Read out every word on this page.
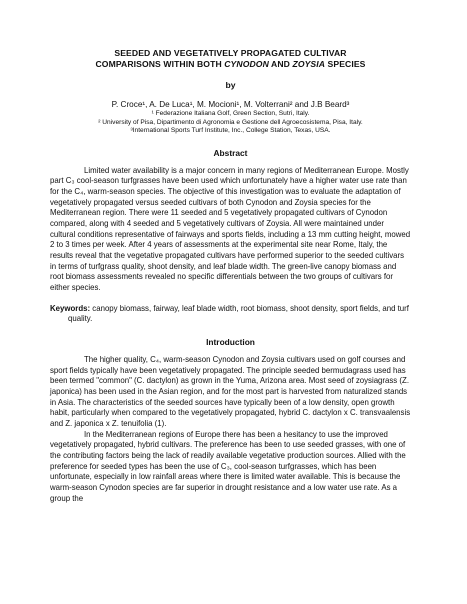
SEEDED AND VEGETATIVELY PROPAGATED CULTIVAR
COMPARISONS WITHIN BOTH CYNODON AND ZOYSIA SPECIES
by
P. Croce¹, A. De Luca¹, M. Mocioni¹, M. Volterrani² and J.B Beard³
¹ Federazione Italiana Golf, Green Section, Sutri, Italy.
² University of Pisa, Dipartimento di Agronomia e Gestione dell Agroecosistema, Pisa, Italy.
³International Sports Turf Institute, Inc., College Station, Texas, USA.
Abstract

Limited water availability is a major concern in many regions of Mediterranean Europe. Mostly part C₃ cool-season turfgrasses have been used which unfortunately have a higher water use rate than for the C₄, warm-season species. The objective of this investigation was to evaluate the adaptation of vegetatively propagated versus seeded cultivars of both Cynodon and Zoysia species for the Mediterranean region. There were 11 seeded and 5 vegetatively propagated cultivars of Cynodon compared, along with 4 seeded and 5 vegetatively cultivars of Zoysia. All were maintained under cultural conditions representative of fairways and sports fields, including a 13 mm cutting height, mowed 2 to 3 times per week. After 4 years of assessments at the experimental site near Rome, Italy, the results reveal that the vegetative propagated cultivars have performed superior to the seeded cultivars in terms of turfgrass quality, shoot density, and leaf blade width. The green-live canopy biomass and root biomass assessments revealed no specific differentials between the two groups of cultivars for either species.

Keywords: canopy biomass, fairway, leaf blade width, root biomass, shoot density, sport fields, and turf quality.
Introduction

The higher quality, C₄, warm-season Cynodon and Zoysia cultivars used on golf courses and sport fields typically have been vegetatively propagated. The principle seeded bermudagrass used has been termed "common" (C. dactylon) as grown in the Yuma, Arizona area. Most seed of zoysiagrass (Z. japonica) has been used in the Asian region, and for the most part is harvested from naturalized stands in Asia. The characteristics of the seeded sources have typically been of a low density, open growth habit, particularly when compared to the vegetatively propagated, hybrid C. dactylon x C. transvaalensis and Z. japonica x Z. tenuifolia (1).

In the Mediterranean regions of Europe there has been a hesitancy to use the improved vegetatively propagated, hybrid cultivars. The preference has been to use seeded grasses, with one of the contributing factors being the lack of readily available vegetative production sources. Allied with the preference for seeded types has been the use of C₃, cool-season turfgrasses, which has been unfortunate, especially in low rainfall areas where there is limited water available. This is because the warm-season Cynodon species are far superior in drought resistance and a low water use rate. As a group the
